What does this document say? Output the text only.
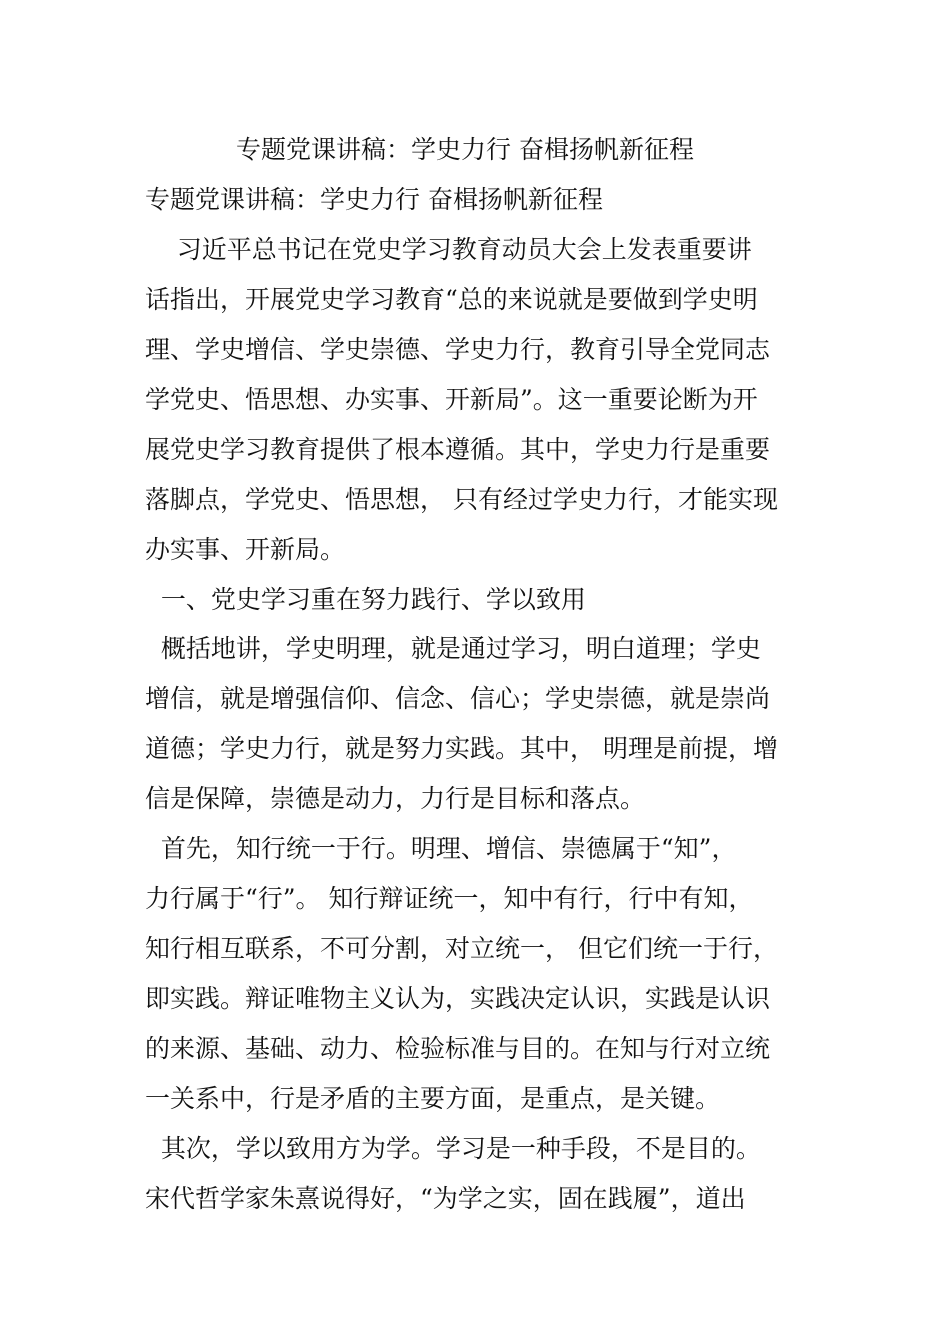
专题党课讲稿：学史力行 奋楫扬帆新征程

专题党课讲稿：学史力行 奋楫扬帆新征程

习近平总书记在党史学习教育动员大会上发表重要讲

话指出，开展党史学习教育“总的来说就是要做到学史明

理、学史增信、学史崇德、学史力行，教育引导全党同志

学党史、悟思想、办实事、开新局”。这一重要论断为开

展党史学习教育提供了根本遵循。其中，学史力行是重要

落脚点，学党史、悟思想， 只有经过学史力行，才能实现

办实事、开新局。

一、党史学习重在努力践行、学以致用

概括地讲，学史明理，就是通过学习，明白道理；学史

增信，就是增强信仰、信念、信心；学史崇德，就是崇尚

道德；学史力行，就是努力实践。其中， 明理是前提，增

信是保障，崇德是动力，力行是目标和落点。

首先，知行统一于行。明理、增信、崇德属于“知”，

力行属于“行”。 知行辩证统一，知中有行，行中有知，

知行相互联系，不可分割，对立统一， 但它们统一于行，

即实践。辩证唯物主义认为，实践决定认识，实践是认识

的来源、基础、动力、检验标准与目的。在知与行对立统

一关系中，行是矛盾的主要方面，是重点，是关键。

其次，学以致用方为学。学习是一种手段，不是目的。

宋代哲学家朱熹说得好，“为学之实，固在践履”，道出
